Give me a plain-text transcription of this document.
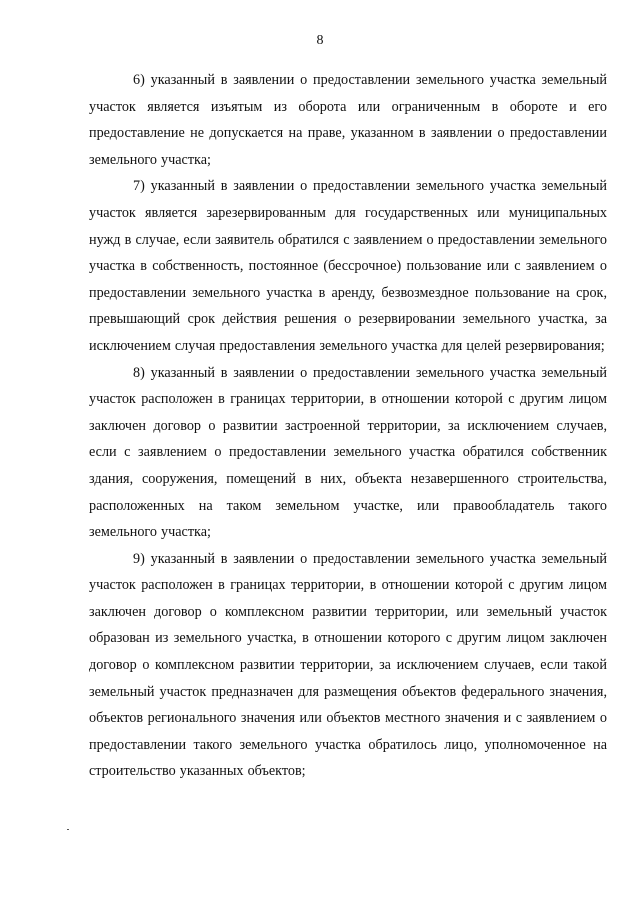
8

6) указанный в заявлении о предоставлении земельного участка земельный участок является изъятым из оборота или ограниченным в обороте и его предоставление не допускается на праве, указанном в заявлении о предоставлении земельного участка;

7) указанный в заявлении о предоставлении земельного участка земельный участок является зарезервированным для государственных или муниципальных нужд в случае, если заявитель обратился с заявлением о предоставлении земельного участка в собственность, постоянное (бессрочное) пользование или с заявлением о предоставлении земельного участка в аренду, безвозмездное пользование на срок, превышающий срок действия решения о резервировании земельного участка, за исключением случая предоставления земельного участка для целей резервирования;

8) указанный в заявлении о предоставлении земельного участка земельный участок расположен в границах территории, в отношении которой с другим лицом заключен договор о развитии застроенной территории, за исключением случаев, если с заявлением о предоставлении земельного участка обратился собственник здания, сооружения, помещений в них, объекта незавершенного строительства, расположенных на таком земельном участке, или правообладатель такого земельного участка;

9) указанный в заявлении о предоставлении земельного участка земельный участок расположен в границах территории, в отношении которой с другим лицом заключен договор о комплексном развитии территории, или земельный участок образован из земельного участка, в отношении которого с другим лицом заключен договор о комплексном развитии территории, за исключением случаев, если такой земельный участок предназначен для размещения объектов федерального значения, объектов регионального значения или объектов местного значения и с заявлением о предоставлении такого земельного участка обратилось лицо, уполномоченное на строительство указанных объектов;
